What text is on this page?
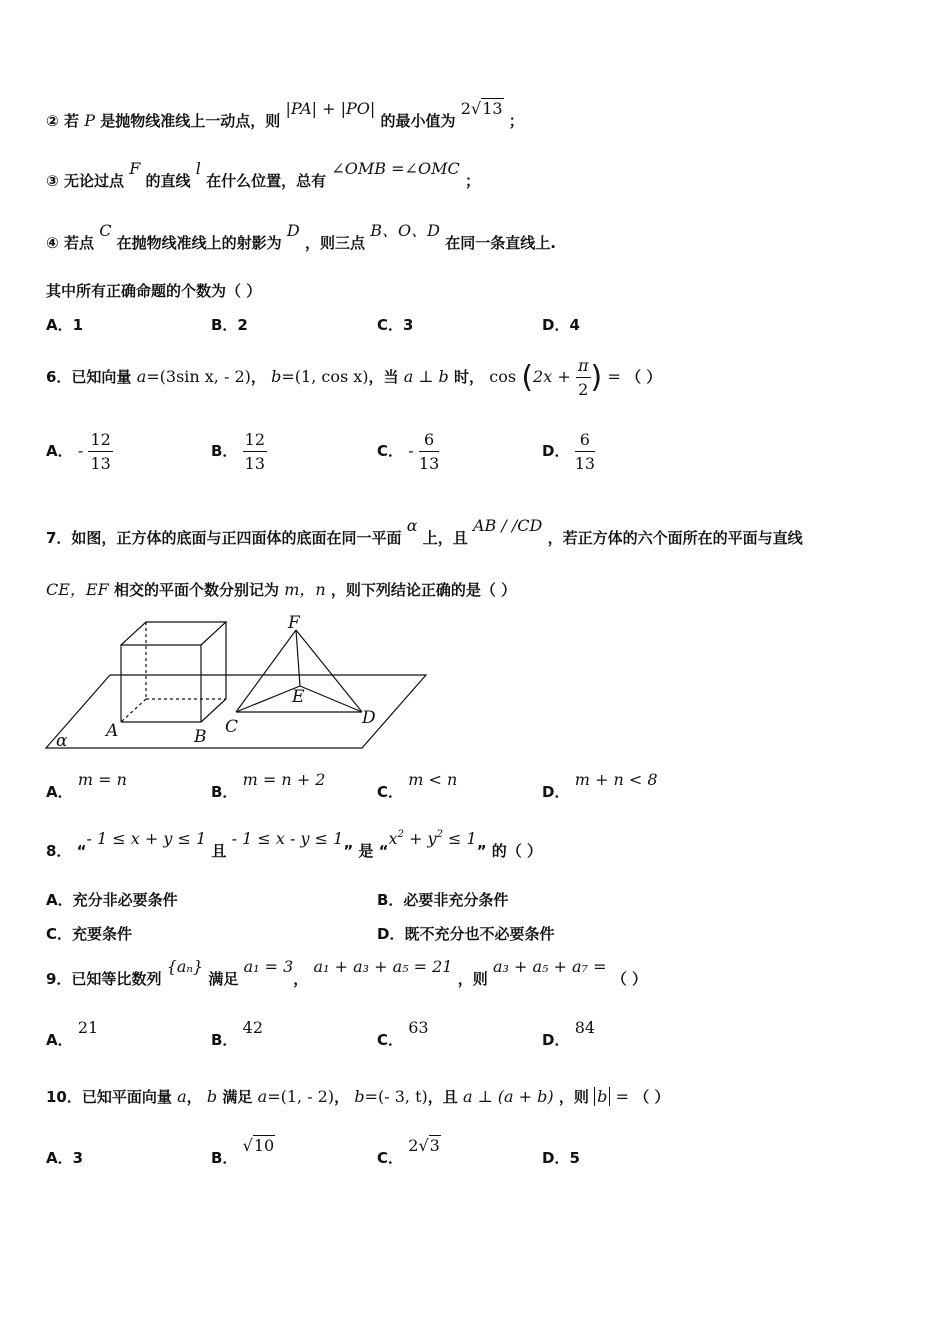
② 若 P 是抛物线准线上一动点，则 |PA| + |PO| 的最小值为 2√13 ；
③ 无论过点 F 的直线 l 在什么位置，总有 ∠OMB =∠OMC ；
④ 若点 C 在抛物线准线上的射影为 D ，则三点 B、O、D 在同一条直线上.
其中所有正确命题的个数为（ ）
A．1	B．2	C．3	D．4
6．已知向量 a=(3sin x, - 2)， b=(1, cos x)，当 a ⊥ b 时， $\cos (2x + \frac{\pi}{2}$ ) = （ ）
A． - $\frac{12}{13}$	B． $\frac{12}{13}$	C． - $\frac{6}{13}$	D． $\frac{6}{13}$
7．如图，正方体的底面与正四面体的底面在同一平面 α 上，且 AB / /CD ，若正方体的六个面所在的平面与直线
CE，EF 相交的平面个数分别记为 m，n ，则下列结论正确的是（ ）
F
E
C	D
A	B
α
A． m = n
B． m = n + 2
C． m < n
D． m + n < 8
8． “- 1 ≤ x + y ≤ 1 且 - 1 ≤ x - y ≤ 1” 是 “$x^2 + y^2 \le 1$” 的（ ）
A．充分非必要条件	B．必要非充分条件
C．充要条件	D．既不充分也不必要条件
9．已知等比数列 {aₙ} 满足 a₁ = 3， a₁ + a₃ + a₅ = 21 ，则 a₃ + a₅ + a₇ = （ ）
A． 21
B． 42
C． 63
D． 84
10．已知平面向量 a， b 满足 a=(1, - 2)， b=(- 3, t)，且 a ⊥ (a + b) ，则 b = （ ）
A．3	B． √10
C． 2√3
D．5
